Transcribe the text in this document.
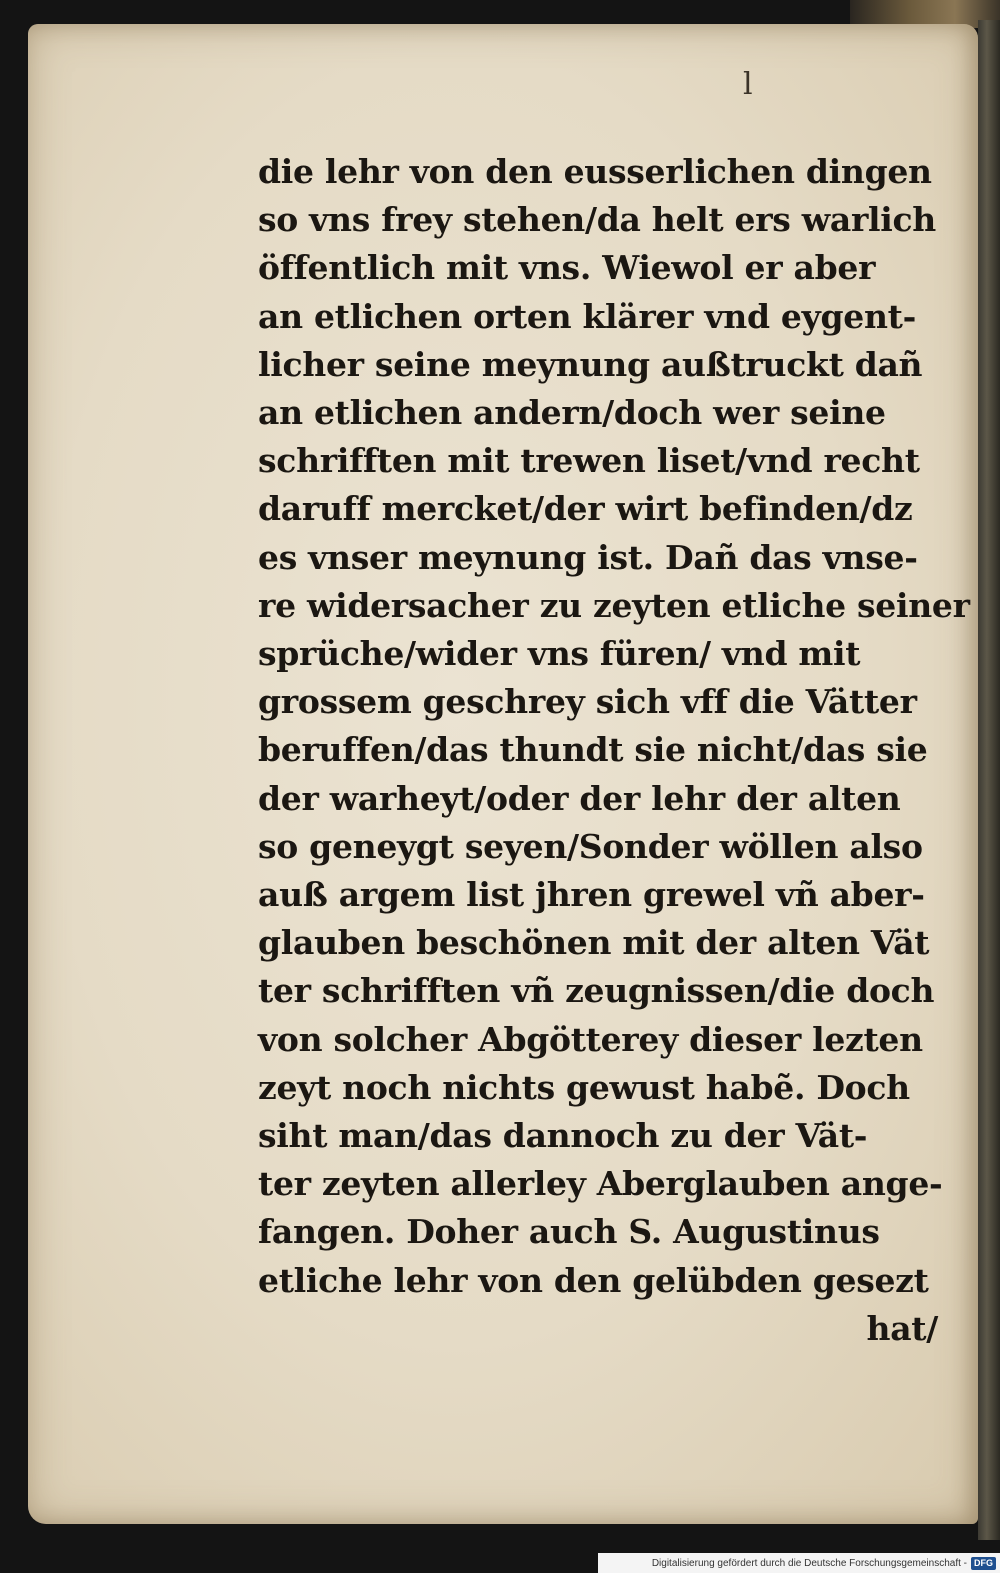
l
die lehr von den eusserlichen dingen
so vns frey stehen/da helt ers warlich
öffentlich mit vns. Wiewol er aber
an etlichen orten klärer vnd eygent-
licher seine meynung außtruckt dañ
an etlichen andern/doch wer seine
schrifften mit trewen liset/vnd recht
daruff mercket/der wirt befinden/dz
es vnser meynung ist. Dañ das vnse-
re widersacher zu zeyten etliche seiner
sprüche/wider vns füren/ vnd mit
grossem geschrey sich vff die Vätter
beruffen/das thundt sie nicht/das sie
der warheyt/oder der lehr der alten
so geneygt seyen/Sonder wöllen also
auß argem list jhren grewel vñ aber-
glauben beschönen mit der alten Vät
ter schrifften vñ zeugnissen/die doch
von solcher Abgötterey dieser lezten
zeyt noch nichts gewust habẽ. Doch
siht man/das dannoch zu der Vät-
ter zeyten allerley Aberglauben ange-
fangen. Doher auch S. Augustinus
etliche lehr von den gelübden gesezt
hat/
Digitalisierung gefördert durch die Deutsche Forschungsgemeinschaft - DFG
